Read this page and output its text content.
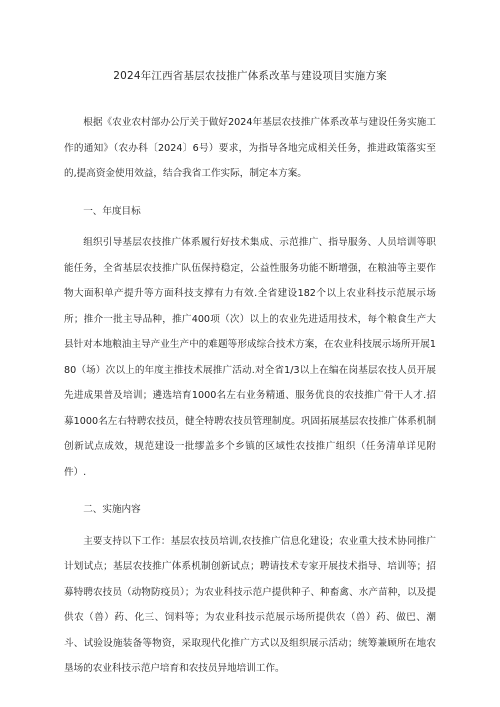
2024年江西省基层农技推广体系改革与建设项目实施方案

根据《农业农村部办公厅关于做好2024年基层农技推广体系改革与建设任务实施工作的通知》（农办科〔2024〕6号）要求，为指导各地完成相关任务，推进政策落实至的,提高资金使用效益，结合我省工作实际，制定本方案。

一、年度目标

组织引导基层农技推广体系履行好技术集成、示范推广、指导服务、人员培训等职能任务，全省基层农技推广队伍保持稳定，公益性服务功能不断增强，在粮油等主要作物大面积单产提升等方面科技支撑有力有效.全省建设182个以上农业科技示范展示场所；推介一批主导品种，推广400项（次）以上的农业先进适用技术，每个粮食生产大县针对本地粮油主导产业生产中的难题等形成综合技术方案，在农业科技展示场所开展180（场）次以上的年度主推技术展推广活动.对全省1/3以上在编在岗基层农技人员开展先进成果普及培训；遴选培育1000名左右业务精通、服务优良的农技推广骨干人才.招募1000名左右特聘农技员，健全特聘农技员管理制度。巩固拓展基层农技推广体系机制创新试点成效，规范建设一批缪盖多个乡镇的区域性农技推广组织（任务清单详见附件）.

二、实施内容

主要支持以下工作：基层农技员培训,农技推广信息化建设；农业重大技术协同推广计划试点；基层农技推广体系机制创新试点；聘请技术专家开展技术指导、培训等；招募特聘农技员（动物防疫员）；为农业科技示范户提供种子、种畜禽、水产苗种，以及提供农（兽）药、化三、饲料等；为农业科技示范展示场所提供农（兽）药、做巴、潮斗、试验设施装备等物资，采取现代化推广方式以及组织展示活动；统筹兼顾所在地农垦场的农业科技示范户培育和农技员异地培训工作。
